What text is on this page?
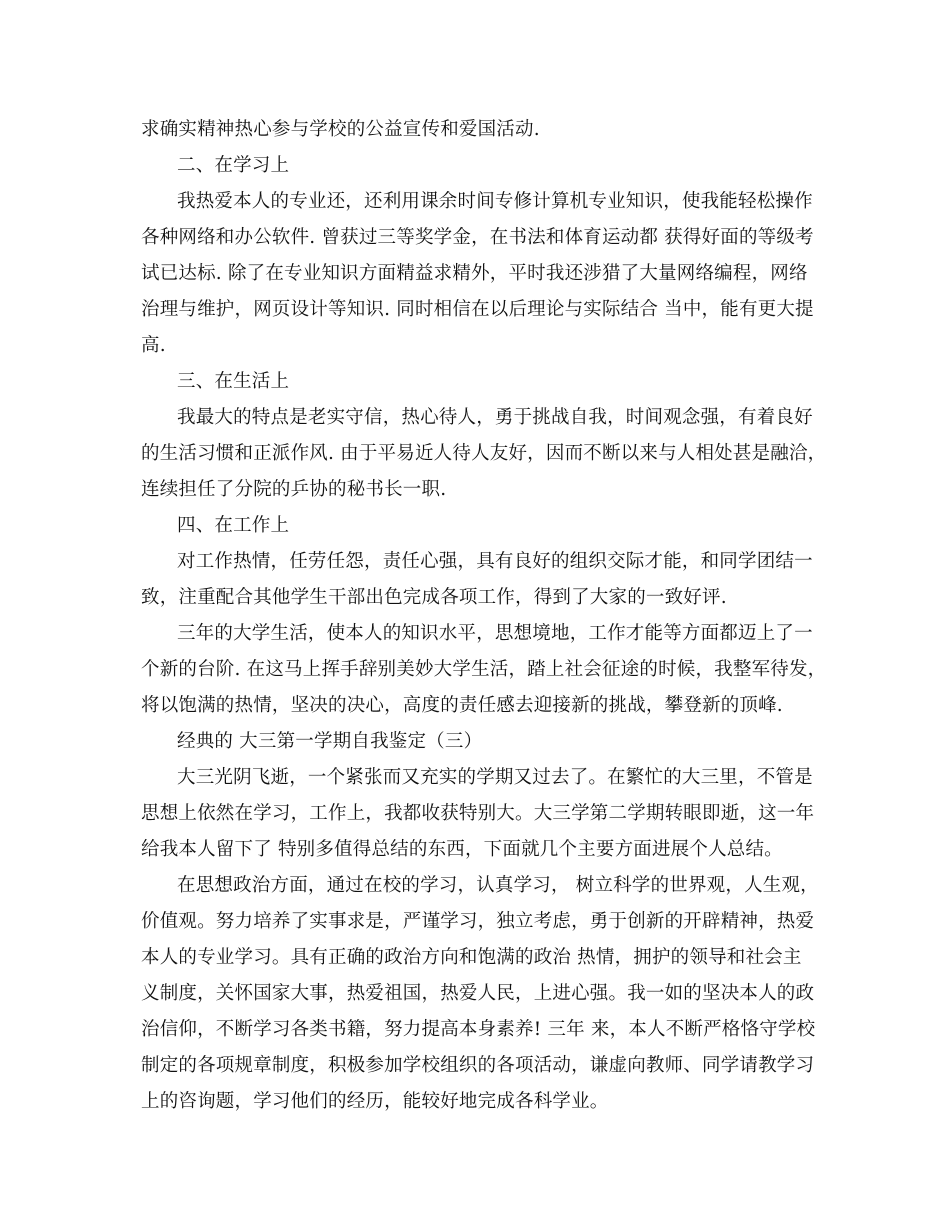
求确实精神热心参与学校的公益宣传和爱国活动.
二、在学习上
我热爱本人的专业还，还利用课余时间专修计算机专业知识，使我能轻松操作
各种网络和办公软件. 曾获过三等奖学金，在书法和体育运动都 获得好面的等级考
试已达标. 除了在专业知识方面精益求精外，平时我还涉猎了大量网络编程，网络
治理与维护，网页设计等知识. 同时相信在以后理论与实际结合 当中，能有更大提
高.
三、在生活上
我最大的特点是老实守信，热心待人，勇于挑战自我，时间观念强，有着良好
的生活习惯和正派作风. 由于平易近人待人友好，因而不断以来与人相处甚是融洽，
连续担任了分院的乒协的秘书长一职.
四、在工作上
对工作热情，任劳任怨，责任心强，具有良好的组织交际才能，和同学团结一
致，注重配合其他学生干部出色完成各项工作，得到了大家的一致好评.
三年的大学生活，使本人的知识水平，思想境地，工作才能等方面都迈上了一
个新的台阶. 在这马上挥手辞别美妙大学生活，踏上社会征途的时候，我整军待发，
将以饱满的热情，坚决的决心，高度的责任感去迎接新的挑战，攀登新的顶峰.
经典的 大三第一学期自我鉴定（三）
大三光阴飞逝，一个紧张而又充实的学期又过去了。在繁忙的大三里，不管是
思想上依然在学习，工作上，我都收获特别大。大三学第二学期转眼即逝，这一年
给我本人留下了 特别多值得总结的东西，下面就几个主要方面进展个人总结。
在思想政治方面，通过在校的学习，认真学习， 树立科学的世界观，人生观，
价值观。努力培养了实事求是，严谨学习，独立考虑，勇于创新的开辟精神，热爱
本人的专业学习。具有正确的政治方向和饱满的政治 热情，拥护的领导和社会主
义制度，关怀国家大事，热爱祖国，热爱人民，上进心强。我一如的坚决本人的政
治信仰，不断学习各类书籍，努力提高本身素养! 三年 来，本人不断严格恪守学校
制定的各项规章制度，积极参加学校组织的各项活动，谦虚向教师、同学请教学习
上的咨询题，学习他们的经历，能较好地完成各科学业。
